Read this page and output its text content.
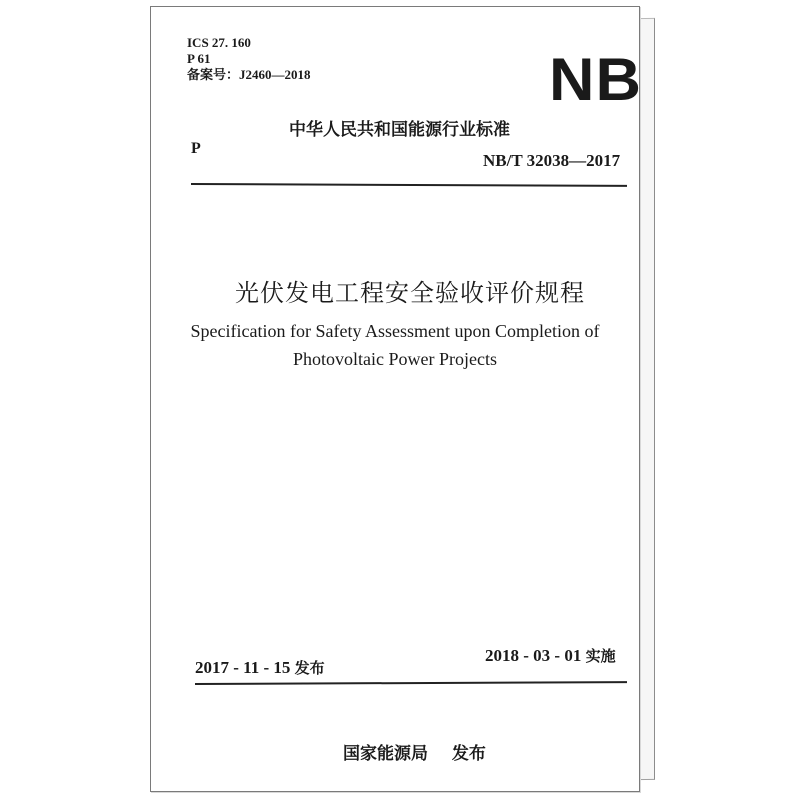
ICS 27. 160
P 61
备案号：J2460—2018	NB
中华人民共和国能源行业标准
P
NB/T 32038—2017
光伏发电工程安全验收评价规程
Specification for Safety Assessment upon Completion of
Photovoltaic Power Projects
2017 - 11 - 15 发布
2018 - 03 - 01 实施
国家能源局 发布
